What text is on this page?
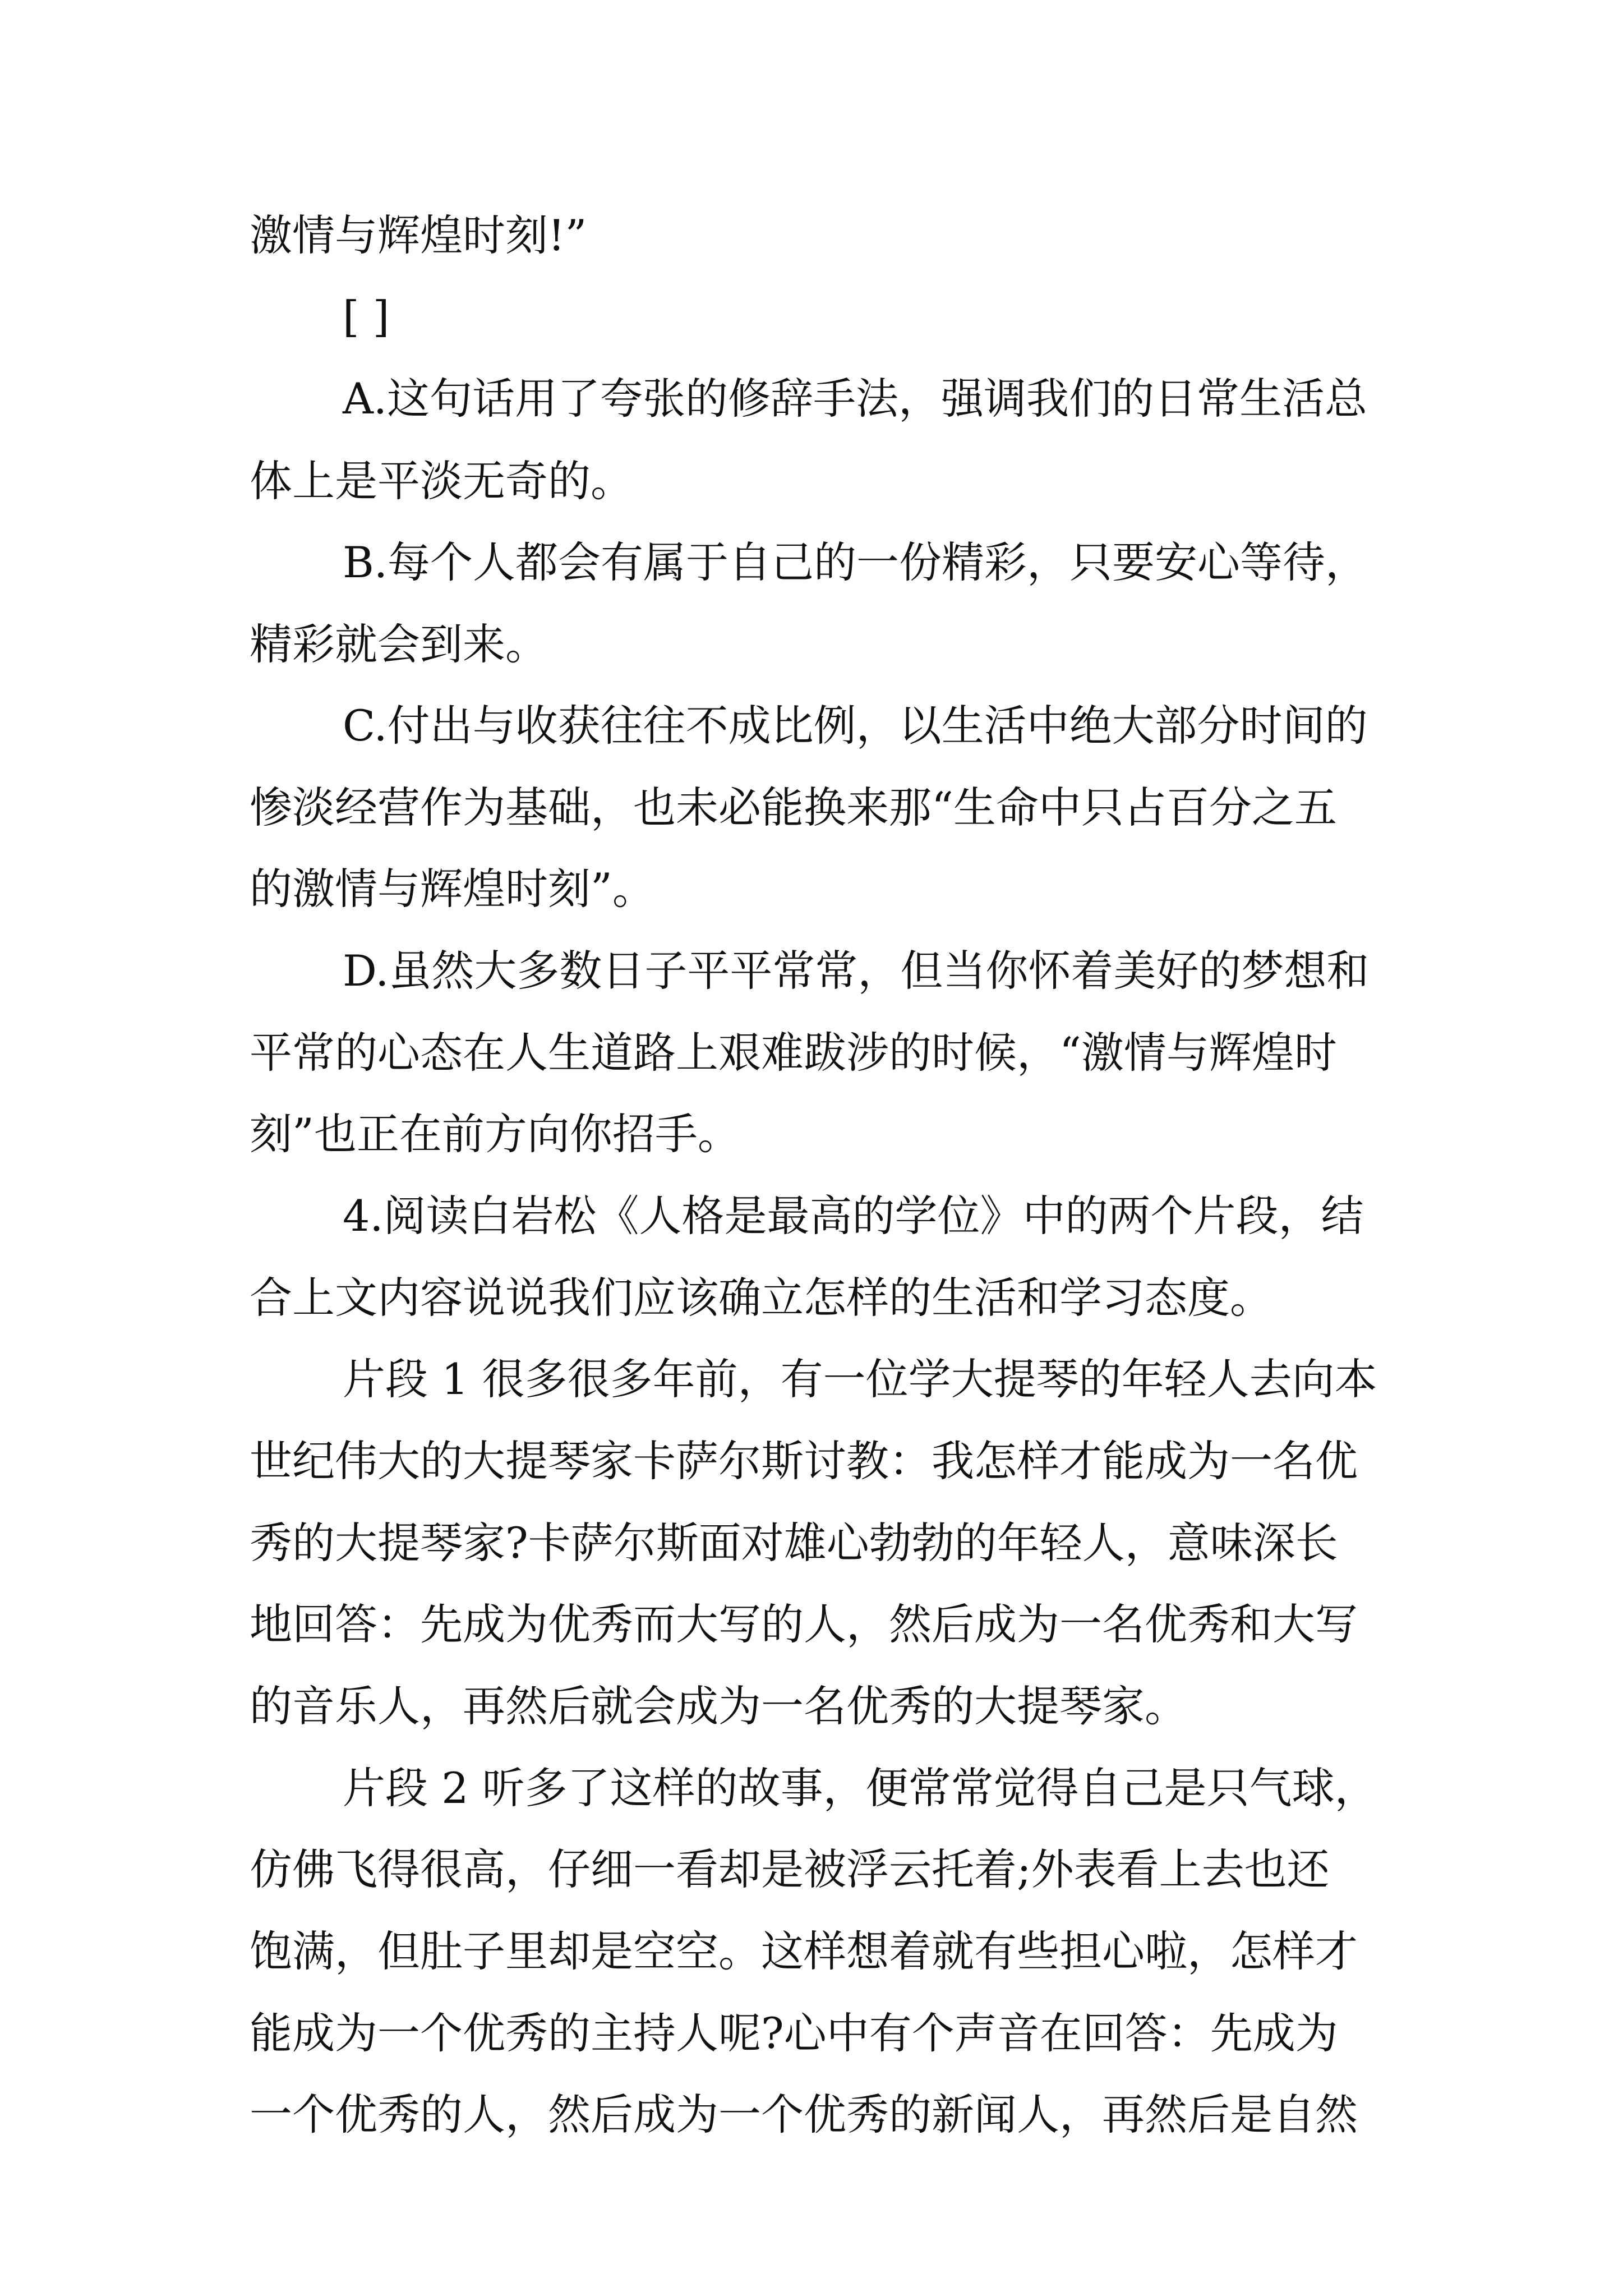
激情与辉煌时刻!”
[ ]
A.这句话用了夸张的修辞手法，强调我们的日常生活总
体上是平淡无奇的。
B.每个人都会有属于自己的一份精彩，只要安心等待，
精彩就会到来。
C.付出与收获往往不成比例，以生活中绝大部分时间的
惨淡经营作为基础，也未必能换来那“生命中只占百分之五
的激情与辉煌时刻”。
D.虽然大多数日子平平常常，但当你怀着美好的梦想和
平常的心态在人生道路上艰难跋涉的时候，“激情与辉煌时
刻”也正在前方向你招手。
4.阅读白岩松《人格是最高的学位》中的两个片段，结
合上文内容说说我们应该确立怎样的生活和学习态度。
片段 1 很多很多年前，有一位学大提琴的年轻人去向本
世纪伟大的大提琴家卡萨尔斯讨教：我怎样才能成为一名优
秀的大提琴家?卡萨尔斯面对雄心勃勃的年轻人，意味深长
地回答：先成为优秀而大写的人，然后成为一名优秀和大写
的音乐人，再然后就会成为一名优秀的大提琴家。
片段 2 听多了这样的故事，便常常觉得自己是只气球，
仿佛飞得很高，仔细一看却是被浮云托着;外表看上去也还
饱满，但肚子里却是空空。这样想着就有些担心啦，怎样才
能成为一个优秀的主持人呢?心中有个声音在回答：先成为
一个优秀的人，然后成为一个优秀的新闻人，再然后是自然
